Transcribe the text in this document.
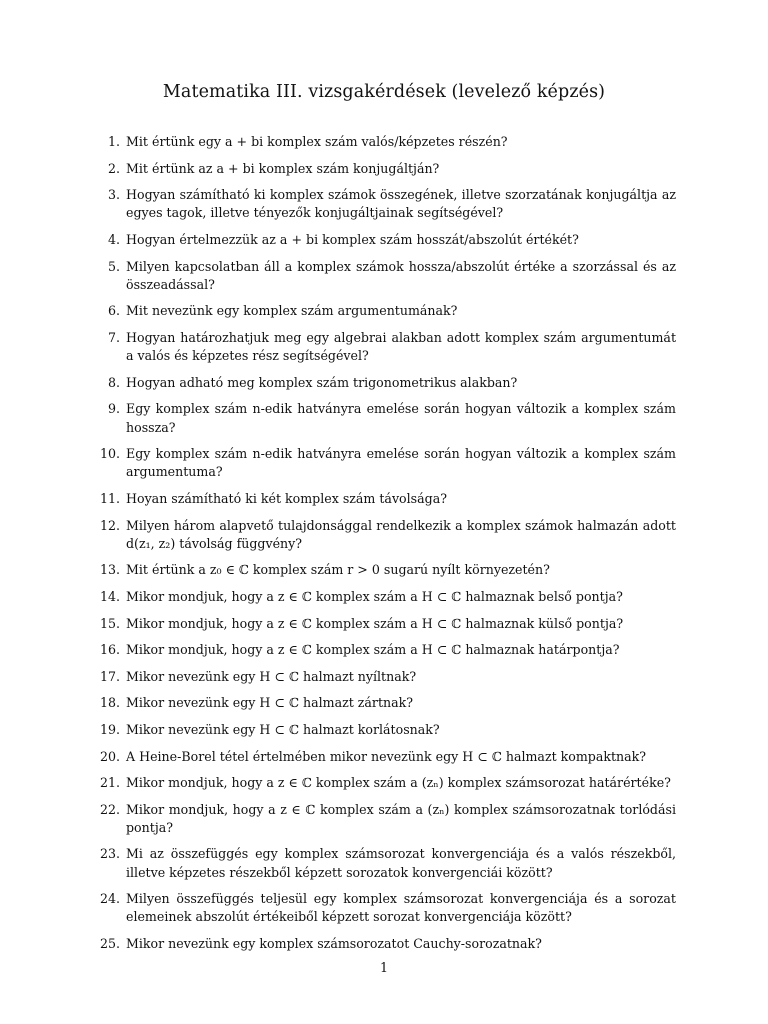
Matematika III. vizsgakérdések (levelező képzés)
1. Mit értünk egy a + bi komplex szám valós/képzetes részén?
2. Mit értünk az a + bi komplex szám konjugáltján?
3. Hogyan számítható ki komplex számok összegének, illetve szorzatának konjugáltja az egyes tagok, illetve tényezők konjugáltjainak segítségével?
4. Hogyan értelmezzük az a + bi komplex szám hosszát/abszolút értékét?
5. Milyen kapcsolatban áll a komplex számok hossza/abszolút értéke a szorzással és az összeadással?
6. Mit nevezünk egy komplex szám argumentumának?
7. Hogyan határozhatjuk meg egy algebrai alakban adott komplex szám argumentumát a valós és képzetes rész segítségével?
8. Hogyan adható meg komplex szám trigonometrikus alakban?
9. Egy komplex szám n-edik hatványra emelése során hogyan változik a komplex szám hossza?
10. Egy komplex szám n-edik hatványra emelése során hogyan változik a komplex szám argumentuma?
11. Hoyan számítható ki két komplex szám távolsága?
12. Milyen három alapvető tulajdonsággal rendelkezik a komplex számok halmazán adott d(z₁, z₂) távolság függvény?
13. Mit értünk a z₀ ∈ ℂ komplex szám r > 0 sugarú nyílt környezetén?
14. Mikor mondjuk, hogy a z ∈ ℂ komplex szám a H ⊂ ℂ halmaznak belső pontja?
15. Mikor mondjuk, hogy a z ∈ ℂ komplex szám a H ⊂ ℂ halmaznak külső pontja?
16. Mikor mondjuk, hogy a z ∈ ℂ komplex szám a H ⊂ ℂ halmaznak határpontja?
17. Mikor nevezünk egy H ⊂ ℂ halmazt nyíltnak?
18. Mikor nevezünk egy H ⊂ ℂ halmazt zártnak?
19. Mikor nevezünk egy H ⊂ ℂ halmazt korlátosnak?
20. A Heine-Borel tétel értelmében mikor nevezünk egy H ⊂ ℂ halmazt kompaktnak?
21. Mikor mondjuk, hogy a z ∈ ℂ komplex szám a (zₙ) komplex számsorozat határértéke?
22. Mikor mondjuk, hogy a z ∈ ℂ komplex szám a (zₙ) komplex számsorozatnak torlódási pontja?
23. Mi az összefüggés egy komplex számsorozat konvergenciája és a valós részekből, illetve képzetes részekből képzett sorozatok konvergenciái között?
24. Milyen összefüggés teljesül egy komplex számsorozat konvergenciája és a sorozat elemeinek abszolút értékeiből képzett sorozat konvergenciája között?
25. Mikor nevezünk egy komplex számsorozatot Cauchy-sorozatnak?
1
